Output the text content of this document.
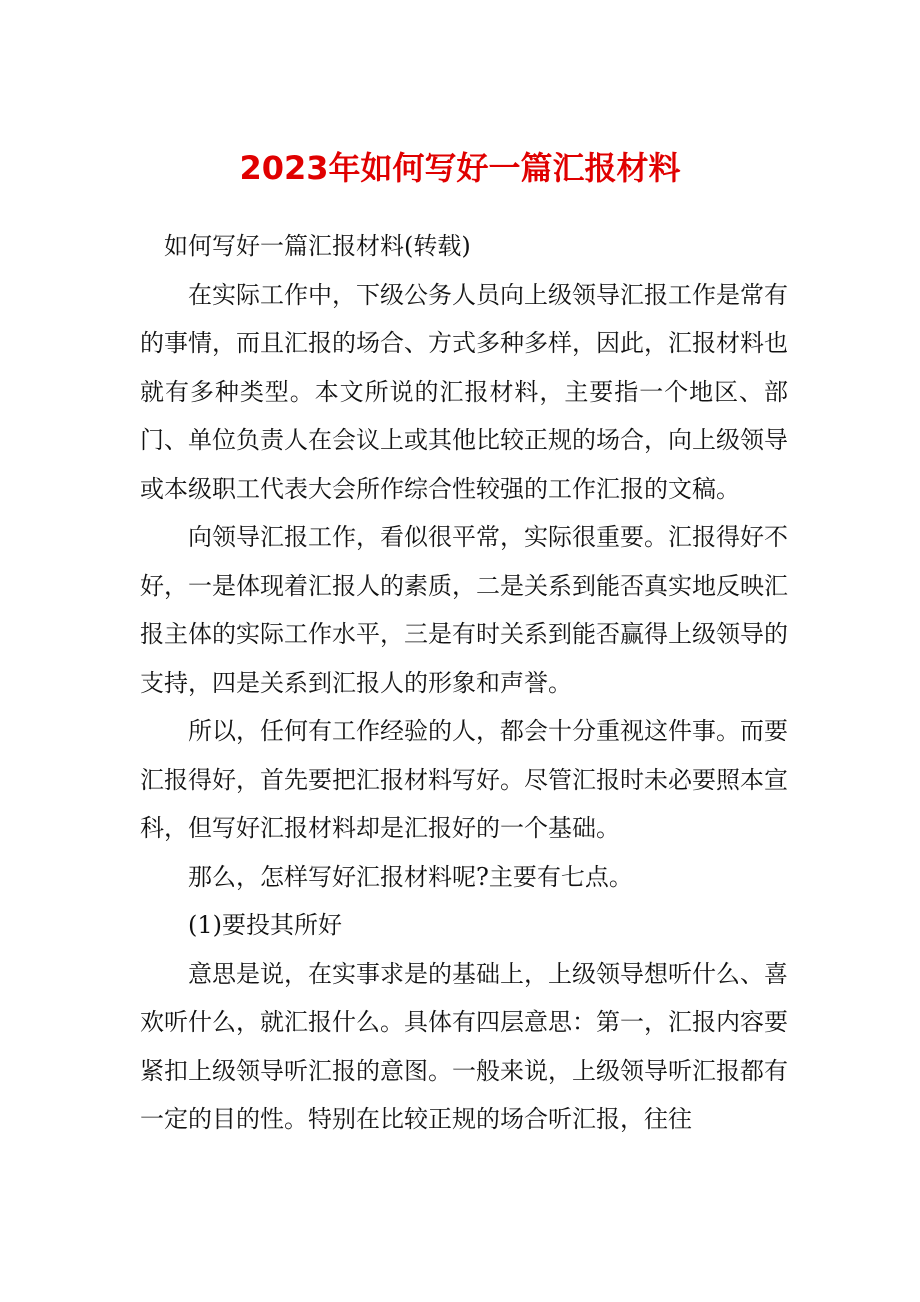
2023年如何写好一篇汇报材料

如何写好一篇汇报材料(转载)

在实际工作中，下级公务人员向上级领导汇报工作是常有的事情，而且汇报的场合、方式多种多样，因此，汇报材料也就有多种类型。本文所说的汇报材料，主要指一个地区、部门、单位负责人在会议上或其他比较正规的场合，向上级领导或本级职工代表大会所作综合性较强的工作汇报的文稿。

向领导汇报工作，看似很平常，实际很重要。汇报得好不好，一是体现着汇报人的素质，二是关系到能否真实地反映汇报主体的实际工作水平，三是有时关系到能否赢得上级领导的支持，四是关系到汇报人的形象和声誉。

所以，任何有工作经验的人，都会十分重视这件事。而要汇报得好，首先要把汇报材料写好。尽管汇报时未必要照本宣科，但写好汇报材料却是汇报好的一个基础。

那么，怎样写好汇报材料呢?主要有七点。

(1)要投其所好

意思是说，在实事求是的基础上，上级领导想听什么、喜欢听什么，就汇报什么。具体有四层意思：第一，汇报内容要紧扣上级领导听汇报的意图。一般来说，上级领导听汇报都有一定的目的性。特别在比较正规的场合听汇报，往往
